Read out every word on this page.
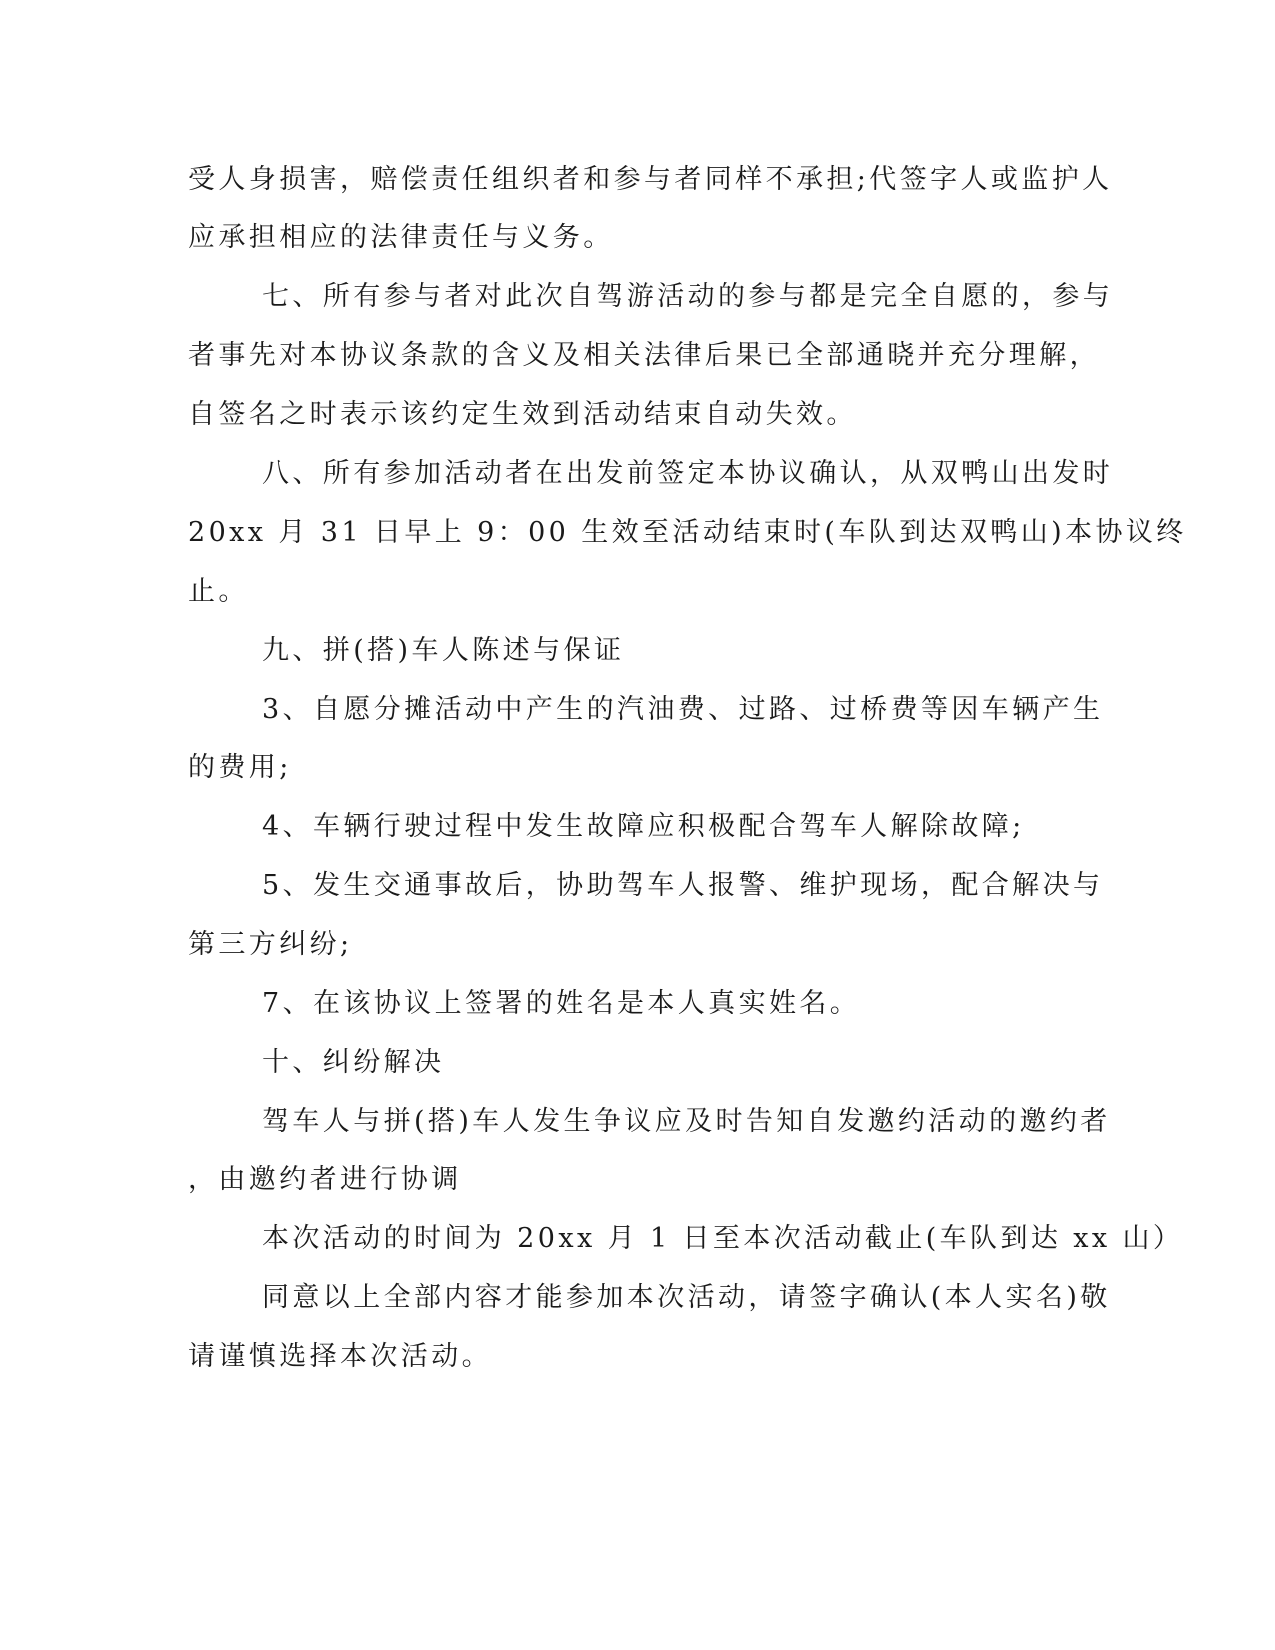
受人身损害，赔偿责任组织者和参与者同样不承担;代签字人或监护人
应承担相应的法律责任与义务。
七、所有参与者对此次自驾游活动的参与都是完全自愿的，参与
者事先对本协议条款的含义及相关法律后果已全部通晓并充分理解，
自签名之时表示该约定生效到活动结束自动失效。
八、所有参加活动者在出发前签定本协议确认，从双鸭山出发时
20xx 月 31 日早上 9：00 生效至活动结束时(车队到达双鸭山)本协议终
止。
九、拼(搭)车人陈述与保证
3、自愿分摊活动中产生的汽油费、过路、过桥费等因车辆产生
的费用;
4、车辆行驶过程中发生故障应积极配合驾车人解除故障;
5、发生交通事故后，协助驾车人报警、维护现场，配合解决与
第三方纠纷;
7、在该协议上签署的姓名是本人真实姓名。
十、纠纷解决
驾车人与拼(搭)车人发生争议应及时告知自发邀约活动的邀约者
，由邀约者进行协调
本次活动的时间为 20xx 月 1 日至本次活动截止(车队到达 xx 山）
同意以上全部内容才能参加本次活动，请签字确认(本人实名)敬
请谨慎选择本次活动。
